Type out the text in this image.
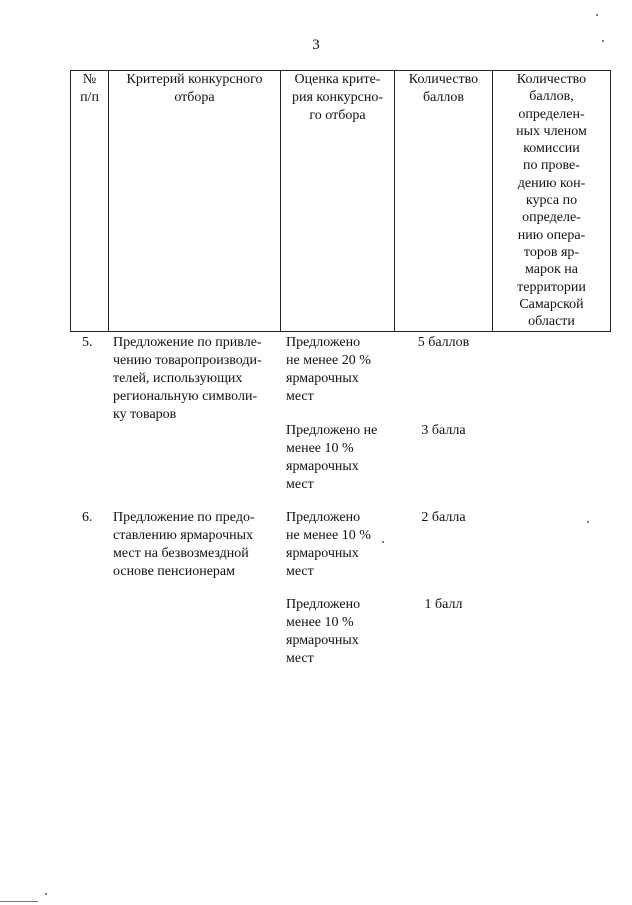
3
№
п/п
Критерий конкурсного
отбора
Оценка крите-
рия конкурсно-
го отбора
Количество
баллов
Количество
баллов,
определен-
ных членом
комиссии
по прове-
дению кон-
курса по
определе-
нию опера-
торов яр-
марок на
территории
Самарской
области
5. Предложение по привле-
чению товаропроизводи-
телей, использующих
региональную символи-
ку товаров
Предложено
не менее 20 %
ярмарочных
мест
5 баллов
Предложено не
менее 10 %
ярмарочных
мест
3 балла
6. Предложение по предо-
ставлению ярмарочных
мест на безвозмездной
основе пенсионерам
Предложено
не менее 10 %
ярмарочных
мест
2 балла
Предложено
менее 10 %
ярмарочных
мест
1 балл
